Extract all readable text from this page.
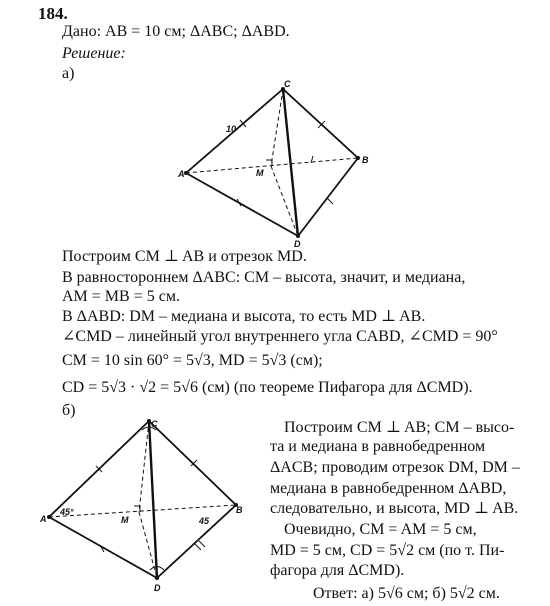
184.
Дано: AB = 10 см; ΔABC; ΔABD.
Решение:
а)
C
A
B
D
M
10
Построим CM ⊥ AB и отрезок MD.
В равностороннем ΔABC: CM – высота, значит, и медиана,
AM = MB = 5 см.
В ΔABD: DM – медиана и высота, то есть MD ⊥ AB.
∠CMD – линейный угол внутреннего угла CABD, ∠CMD = 90°
CM = 10 sin 60° = 5√3, MD = 5√3 (см);
CD = 5√3 · √2 = 5√6 (см) (по теореме Пифагора для ΔCMD).
б)
C
A
B
D
M
45°
45
Построим CM ⊥ AB; CM – высо-
та и медиана в равнобедренном
ΔACB; проводим отрезок DM, DM –
медиана в равнобедренном ΔABD,
следовательно, и высота, MD ⊥ AB.
Очевидно, CM = AM = 5 см,
MD = 5 см, CD = 5√2 см (по т. Пи-
фагора для ΔCMD).
Ответ: а) 5√6 см; б) 5√2 см.
